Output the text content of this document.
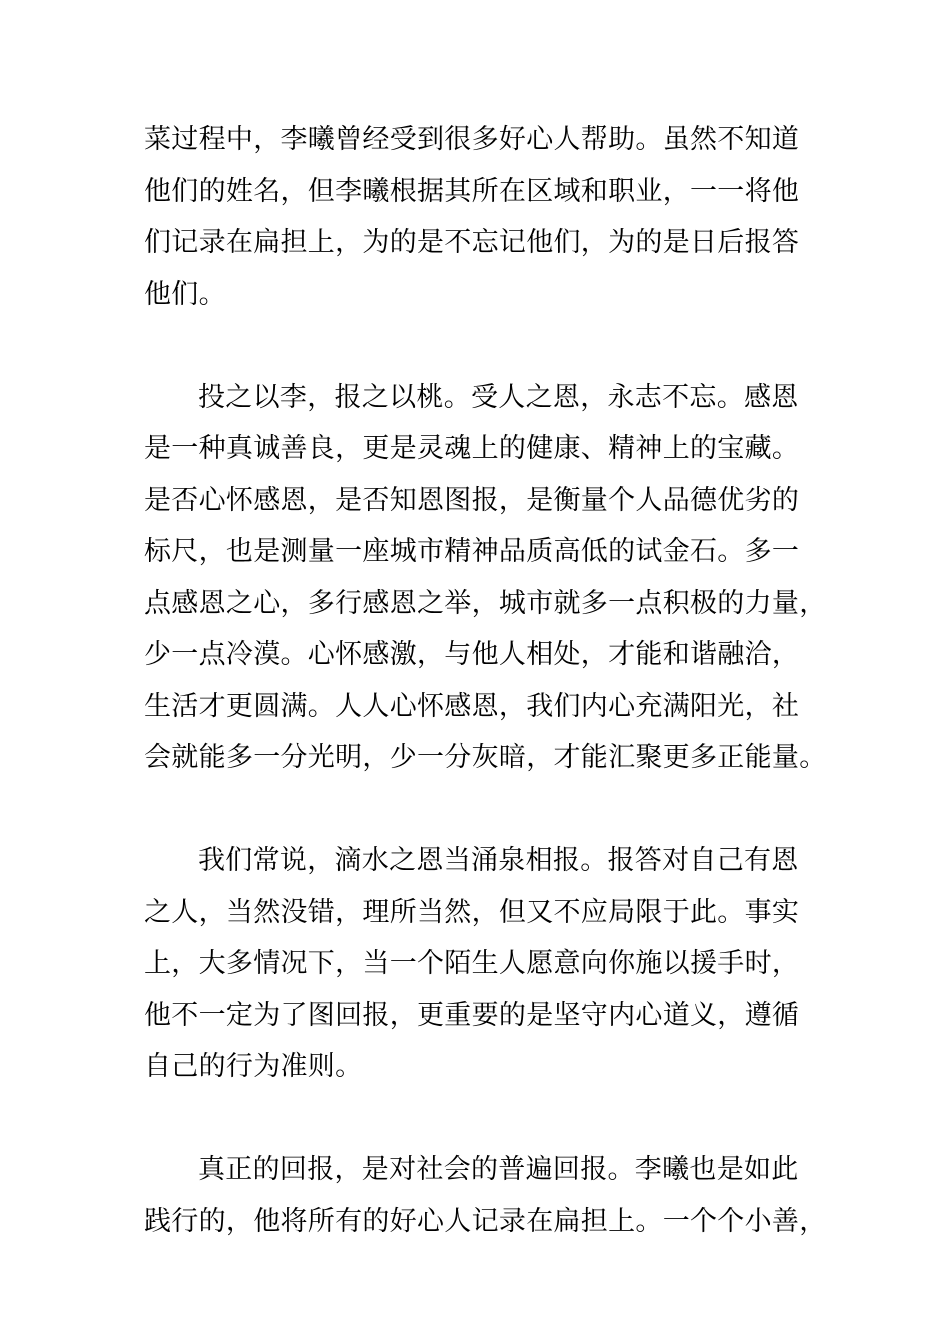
菜过程中，李曦曾经受到很多好心人帮助。虽然不知道
他们的姓名，但李曦根据其所在区域和职业，一一将他
们记录在扁担上，为的是不忘记他们，为的是日后报答
他们。
投之以李，报之以桃。受人之恩，永志不忘。感恩
是一种真诚善良，更是灵魂上的健康、精神上的宝藏。
是否心怀感恩，是否知恩图报，是衡量个人品德优劣的
标尺，也是测量一座城市精神品质高低的试金石。多一
点感恩之心，多行感恩之举，城市就多一点积极的力量，
少一点冷漠。心怀感激，与他人相处，才能和谐融洽，
生活才更圆满。人人心怀感恩，我们内心充满阳光，社
会就能多一分光明，少一分灰暗，才能汇聚更多正能量。
我们常说，滴水之恩当涌泉相报。报答对自己有恩
之人，当然没错，理所当然，但又不应局限于此。事实
上，大多情况下，当一个陌生人愿意向你施以援手时，
他不一定为了图回报，更重要的是坚守内心道义，遵循
自己的行为准则。
真正的回报，是对社会的普遍回报。李曦也是如此
践行的，他将所有的好心人记录在扁担上。一个个小善，
